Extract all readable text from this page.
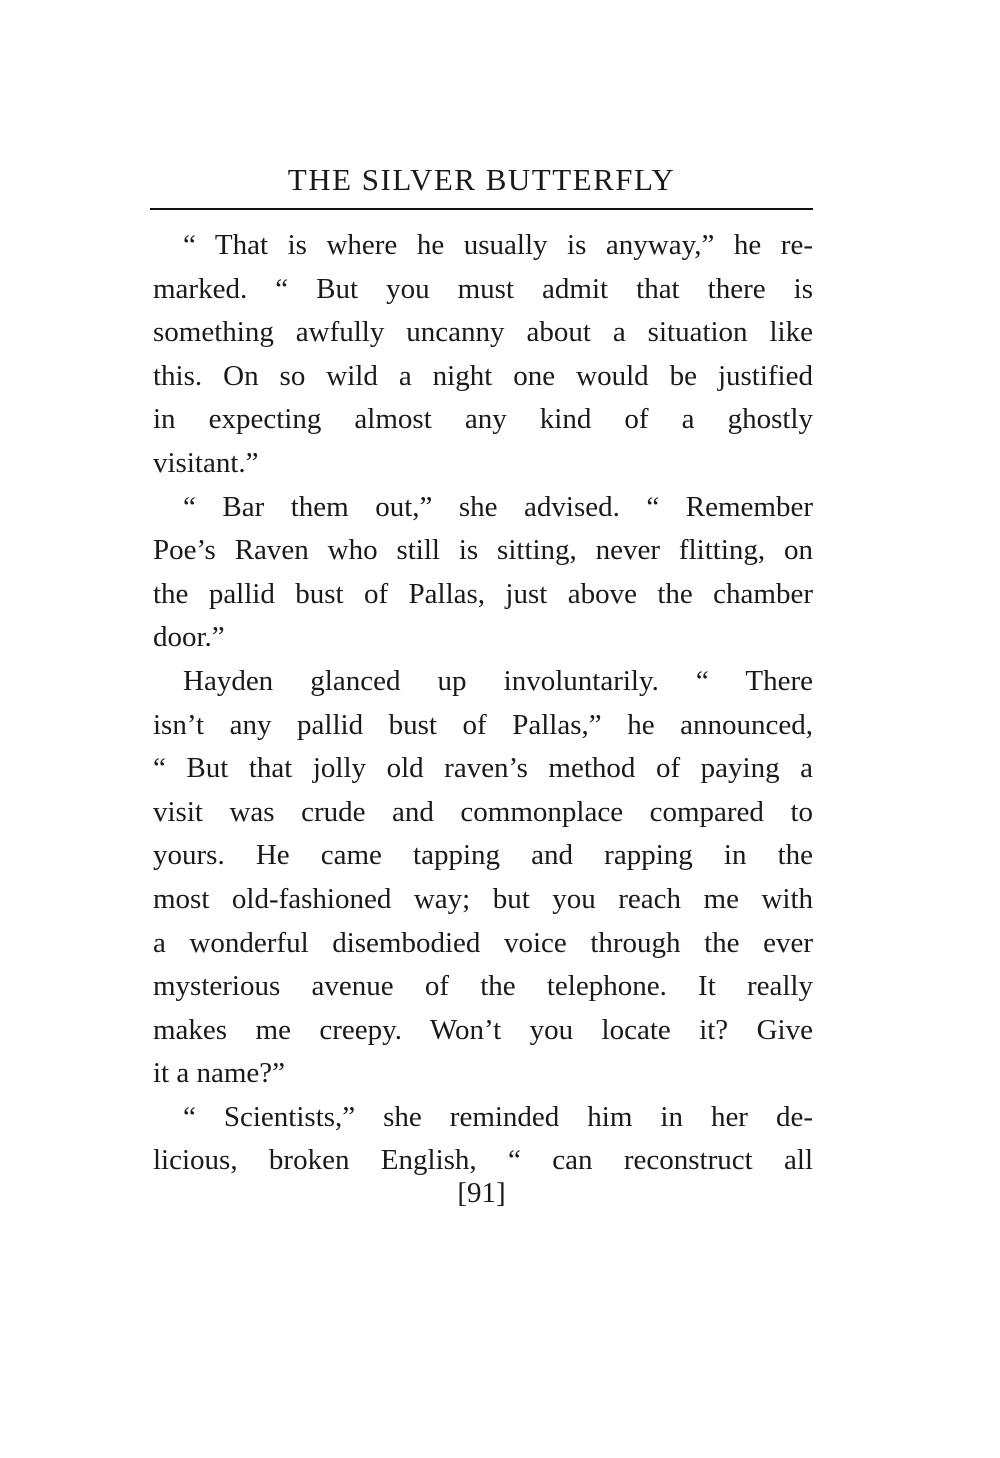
THE SILVER BUTTERFLY
“ That is where he usually is anyway,” he re-
marked. “ But you must admit that there is
something awfully uncanny about a situation like
this. On so wild a night one would be justified
in expecting almost any kind of a ghostly
visitant.”
“ Bar them out,” she advised. “ Remember
Poe’s Raven who still is sitting, never flitting, on
the pallid bust of Pallas, just above the chamber
door.”
Hayden glanced up involuntarily. “ There
isn’t any pallid bust of Pallas,” he announced,
“ But that jolly old raven’s method of paying a
visit was crude and commonplace compared to
yours. He came tapping and rapping in the
most old-fashioned way; but you reach me with
a wonderful disembodied voice through the ever
mysterious avenue of the telephone. It really
makes me creepy. Won’t you locate it? Give
it a name?”
“ Scientists,” she reminded him in her de-
licious, broken English, “ can reconstruct all
[91]
